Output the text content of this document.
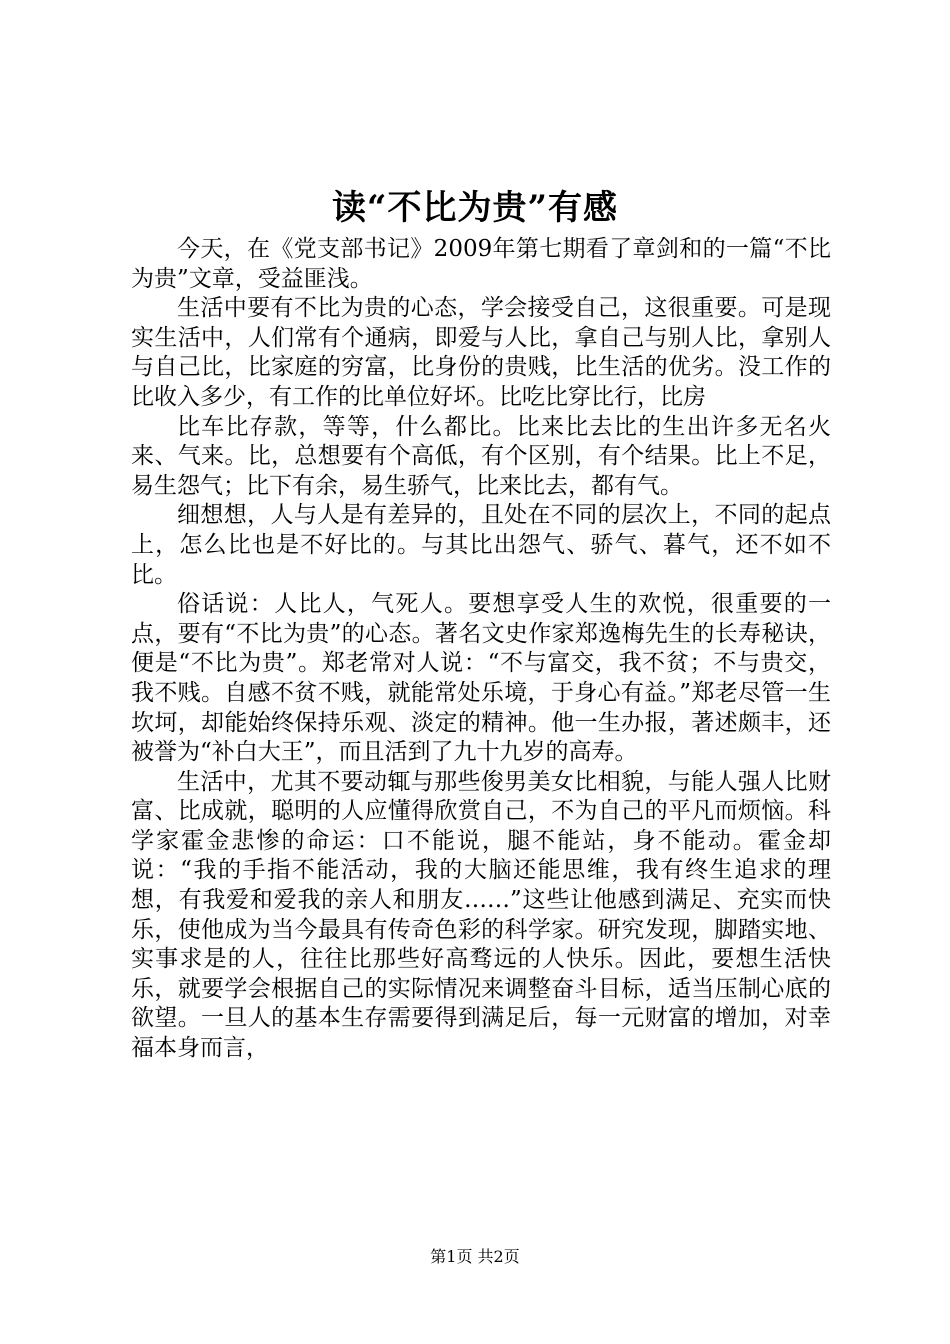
读“不比为贵”有感

今天，在《党支部书记》2009年第七期看了章剑和的一篇“不比为贵”文章，受益匪浅。

生活中要有不比为贵的心态，学会接受自己，这很重要。可是现实生活中，人们常有个通病，即爱与人比，拿自己与别人比，拿别人与自己比，比家庭的穷富，比身份的贵贱，比生活的优劣。没工作的比收入多少，有工作的比单位好坏。比吃比穿比行，比房

比车比存款，等等，什么都比。比来比去比的生出许多无名火来、气来。比，总想要有个高低，有个区别，有个结果。比上不足，易生怨气；比下有余，易生骄气，比来比去，都有气。

细想想，人与人是有差异的，且处在不同的层次上，不同的起点上，怎么比也是不好比的。与其比出怨气、骄气、暮气，还不如不比。

俗话说：人比人，气死人。要想享受人生的欢悦，很重要的一点，要有“不比为贵”的心态。著名文史作家郑逸梅先生的长寿秘诀，便是“不比为贵”。郑老常对人说：“不与富交，我不贫；不与贵交，我不贱。自感不贫不贱，就能常处乐境，于身心有益。”郑老尽管一生坎坷，却能始终保持乐观、淡定的精神。他一生办报，著述颇丰，还被誉为“补白大王”，而且活到了九十九岁的高寿。

生活中，尤其不要动辄与那些俊男美女比相貌，与能人强人比财富、比成就，聪明的人应懂得欣赏自己，不为自己的平凡而烦恼。科学家霍金悲惨的命运：口不能说，腿不能站，身不能动。霍金却说：“我的手指不能活动，我的大脑还能思维，我有终生追求的理想，有我爱和爱我的亲人和朋友……”这些让他感到满足、充实而快乐，使他成为当今最具有传奇色彩的科学家。研究发现，脚踏实地、实事求是的人，往往比那些好高骛远的人快乐。因此，要想生活快乐，就要学会根据自己的实际情况来调整奋斗目标，适当压制心底的欲望。一旦人的基本生存需要得到满足后，每一元财富的增加，对幸福本身而言，

第1页 共2页
